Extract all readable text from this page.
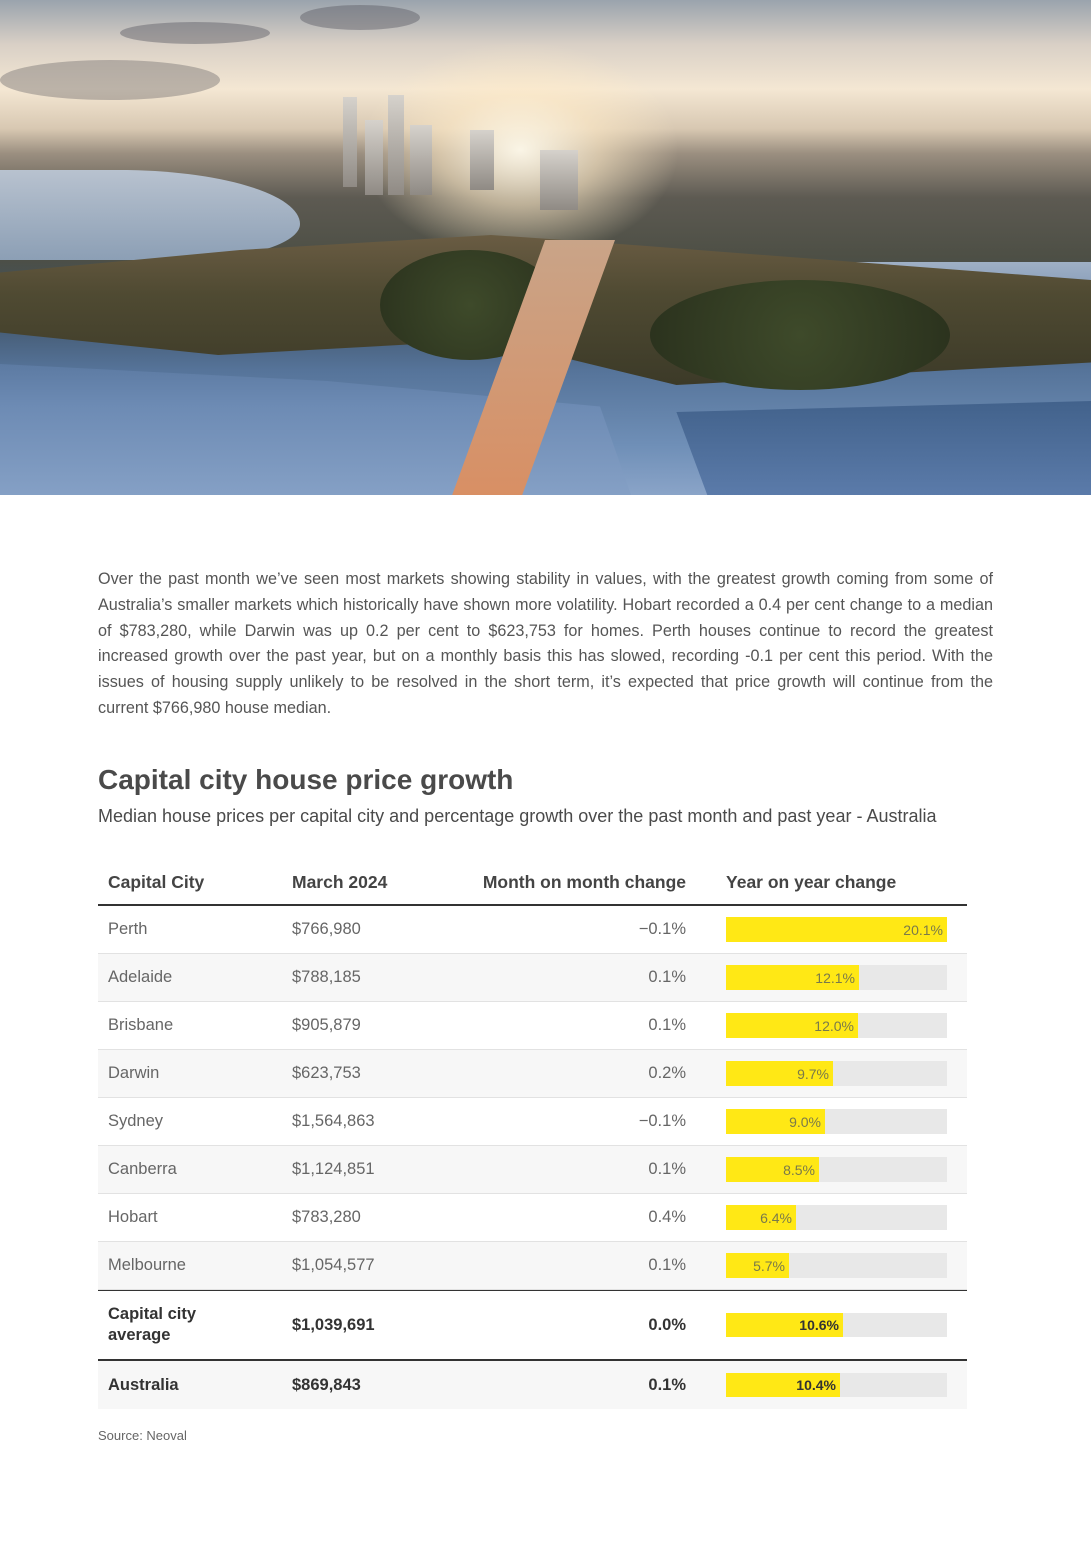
Over the past month we’ve seen most markets showing stability in values, with the greatest growth coming from some of Australia’s smaller markets which historically have shown more volatility. Hobart recorded a 0.4 per cent change to a median of $783,280, while Darwin was up 0.2 per cent to $623,753 for homes. Perth houses continue to record the greatest increased growth over the past year, but on a monthly basis this has slowed, recording -0.1 per cent this period. With the issues of housing supply unlikely to be resolved in the short term, it’s expected that price growth will continue from the current $766,980 house median.

Capital city house price growth

Median house prices per capital city and percentage growth over the past month and past year - Australia

Capital City	March 2024	Month on month change	Year on year change
Perth	$766,980	−0.1%	20.1%
Adelaide	$788,185	0.1%	12.1%
Brisbane	$905,879	0.1%	12.0%
Darwin	$623,753	0.2%	9.7%
Sydney	$1,564,863	−0.1%	9.0%
Canberra	$1,124,851	0.1%	8.5%
Hobart	$783,280	0.4%	6.4%
Melbourne	$1,054,577	0.1%	5.7%
Capital city
average
$1,039,691	0.0%	10.6%
Australia	$869,843	0.1%	10.4%
Source: Neoval
